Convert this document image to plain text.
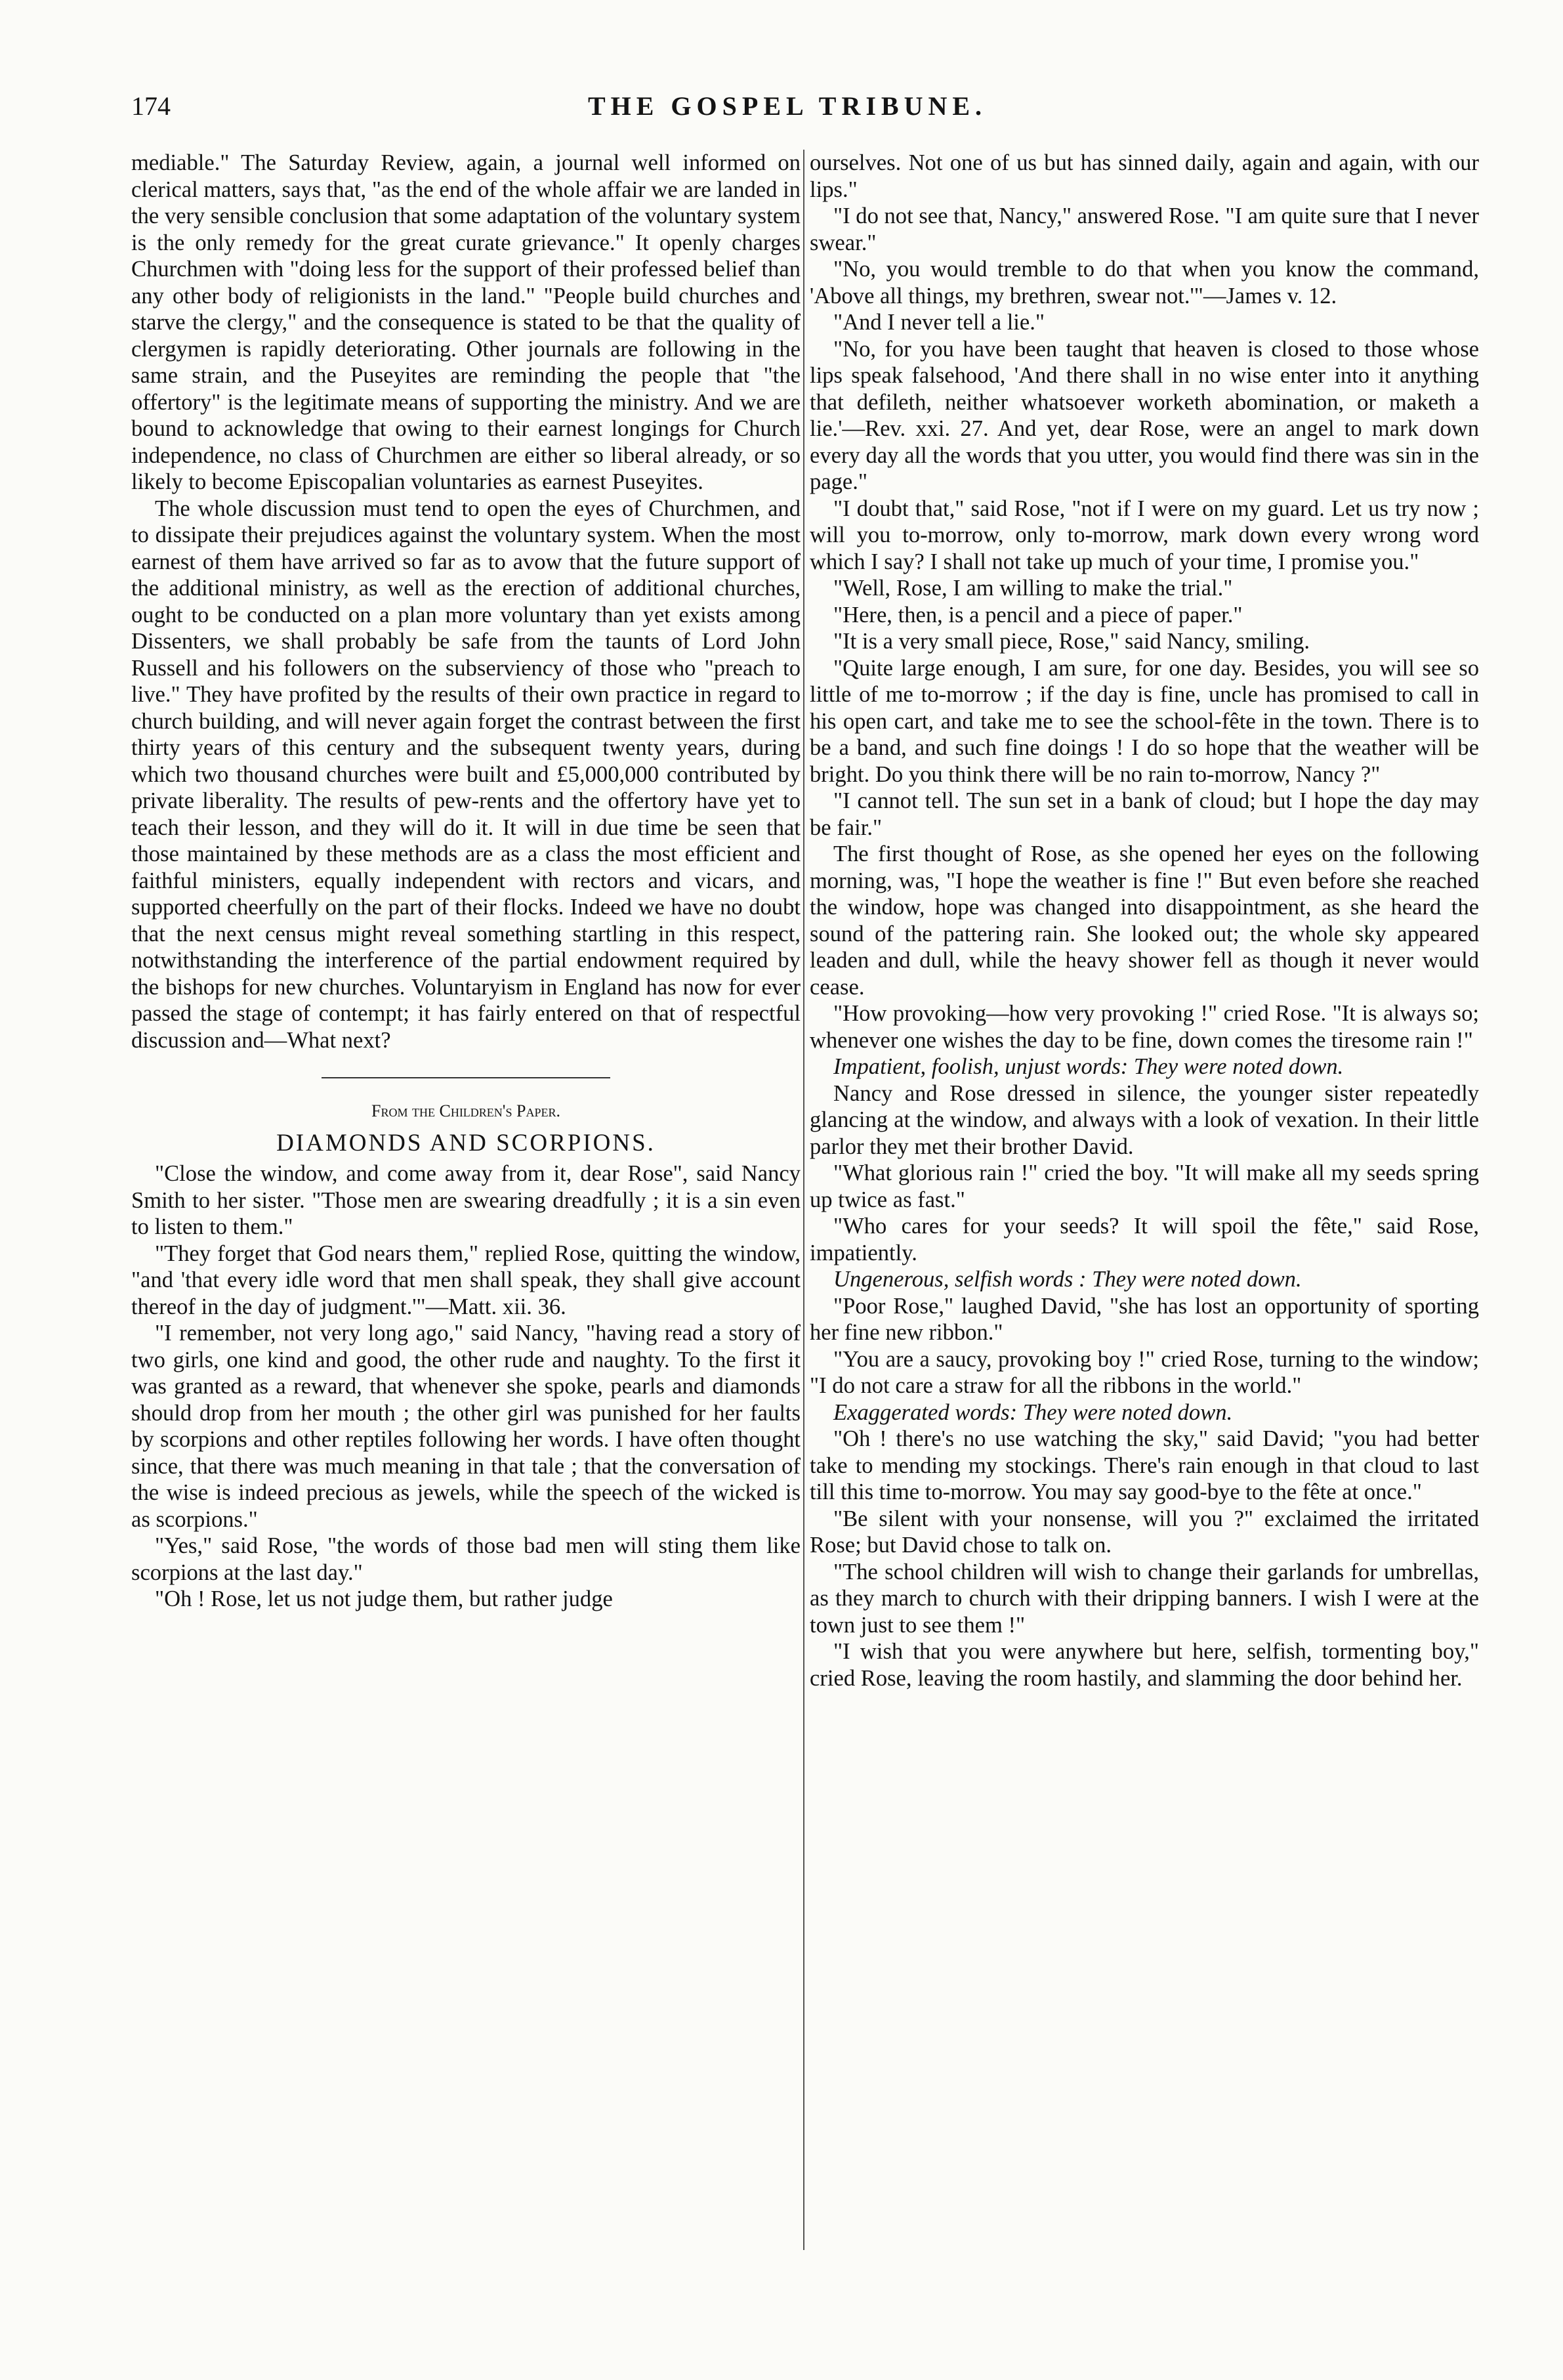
174	THE GOSPEL TRIBUNE.

mediable." The Saturday Review, again, a journal well informed on clerical matters, says that, "as the end of the whole affair we are landed in the very sensible conclusion that some adaptation of the voluntary system is the only remedy for the great curate grievance." It openly charges Churchmen with "doing less for the support of their professed belief than any other body of religionists in the land." "People build churches and starve the clergy," and the consequence is stated to be that the quality of clergymen is rapidly deteriorating. Other journals are following in the same strain, and the Puseyites are reminding the people that "the offertory" is the legitimate means of supporting the ministry. And we are bound to acknowledge that owing to their earnest longings for Church independence, no class of Churchmen are either so liberal already, or so likely to become Episcopalian voluntaries as earnest Puseyites.

The whole discussion must tend to open the eyes of Churchmen, and to dissipate their prejudices against the voluntary system. When the most earnest of them have arrived so far as to avow that the future support of the additional ministry, as well as the erection of additional churches, ought to be conducted on a plan more voluntary than yet exists among Dissenters, we shall probably be safe from the taunts of Lord John Russell and his followers on the subserviency of those who "preach to live." They have profited by the results of their own practice in regard to church building, and will never again forget the contrast between the first thirty years of this century and the subsequent twenty years, during which two thousand churches were built and £5,000,000 contributed by private liberality. The results of pew-rents and the offertory have yet to teach their lesson, and they will do it. It will in due time be seen that those maintained by these methods are as a class the most efficient and faithful ministers, equally independent with rectors and vicars, and supported cheerfully on the part of their flocks. Indeed we have no doubt that the next census might reveal something startling in this respect, notwithstanding the interference of the partial endowment required by the bishops for new churches. Voluntaryism in England has now for ever passed the stage of contempt; it has fairly entered on that of respectful discussion and—What next?

From the Children's Paper.
DIAMONDS AND SCORPIONS.

"Close the window, and come away from it, dear Rose", said Nancy Smith to her sister. "Those men are swearing dreadfully ; it is a sin even to listen to them."

"They forget that God nears them," replied Rose, quitting the window, "and 'that every idle word that men shall speak, they shall give account thereof in the day of judgment.'"—Matt. xii. 36.

"I remember, not very long ago," said Nancy, "having read a story of two girls, one kind and good, the other rude and naughty. To the first it was granted as a reward, that whenever she spoke, pearls and diamonds should drop from her mouth ; the other girl was punished for her faults by scorpions and other reptiles following her words. I have often thought since, that there was much meaning in that tale ; that the conversation of the wise is indeed precious as jewels, while the speech of the wicked is as scorpions."

"Yes," said Rose, "the words of those bad men will sting them like scorpions at the last day."

"Oh ! Rose, let us not judge them, but rather judge

ourselves. Not one of us but has sinned daily, again and again, with our lips."

"I do not see that, Nancy," answered Rose. "I am quite sure that I never swear."

"No, you would tremble to do that when you know the command, 'Above all things, my brethren, swear not.'"—James v. 12.

"And I never tell a lie."

"No, for you have been taught that heaven is closed to those whose lips speak falsehood, 'And there shall in no wise enter into it anything that defileth, neither whatsoever worketh abomination, or maketh a lie.'—Rev. xxi. 27. And yet, dear Rose, were an angel to mark down every day all the words that you utter, you would find there was sin in the page."

"I doubt that," said Rose, "not if I were on my guard. Let us try now ; will you to-morrow, only to-morrow, mark down every wrong word which I say? I shall not take up much of your time, I promise you."

"Well, Rose, I am willing to make the trial."

"Here, then, is a pencil and a piece of paper."

"It is a very small piece, Rose," said Nancy, smiling.

"Quite large enough, I am sure, for one day. Besides, you will see so little of me to-morrow ; if the day is fine, uncle has promised to call in his open cart, and take me to see the school-fête in the town. There is to be a band, and such fine doings ! I do so hope that the weather will be bright. Do you think there will be no rain to-morrow, Nancy ?"

"I cannot tell. The sun set in a bank of cloud; but I hope the day may be fair."

The first thought of Rose, as she opened her eyes on the following morning, was, "I hope the weather is fine !" But even before she reached the window, hope was changed into disappointment, as she heard the sound of the pattering rain. She looked out; the whole sky appeared leaden and dull, while the heavy shower fell as though it never would cease.

"How provoking—how very provoking !" cried Rose. "It is always so; whenever one wishes the day to be fine, down comes the tiresome rain !"

Impatient, foolish, unjust words: They were noted down.

Nancy and Rose dressed in silence, the younger sister repeatedly glancing at the window, and always with a look of vexation. In their little parlor they met their brother David.

"What glorious rain !" cried the boy. "It will make all my seeds spring up twice as fast."

"Who cares for your seeds? It will spoil the fête," said Rose, impatiently.

Ungenerous, selfish words : They were noted down.

"Poor Rose," laughed David, "she has lost an opportunity of sporting her fine new ribbon."

"You are a saucy, provoking boy !" cried Rose, turning to the window; "I do not care a straw for all the ribbons in the world."

Exaggerated words: They were noted down.

"Oh ! there's no use watching the sky," said David; "you had better take to mending my stockings. There's rain enough in that cloud to last till this time to-morrow. You may say good-bye to the fête at once."

"Be silent with your nonsense, will you ?" exclaimed the irritated Rose; but David chose to talk on.

"The school children will wish to change their garlands for umbrellas, as they march to church with their dripping banners. I wish I were at the town just to see them !"

"I wish that you were anywhere but here, selfish, tormenting boy," cried Rose, leaving the room hastily, and slamming the door behind her.
